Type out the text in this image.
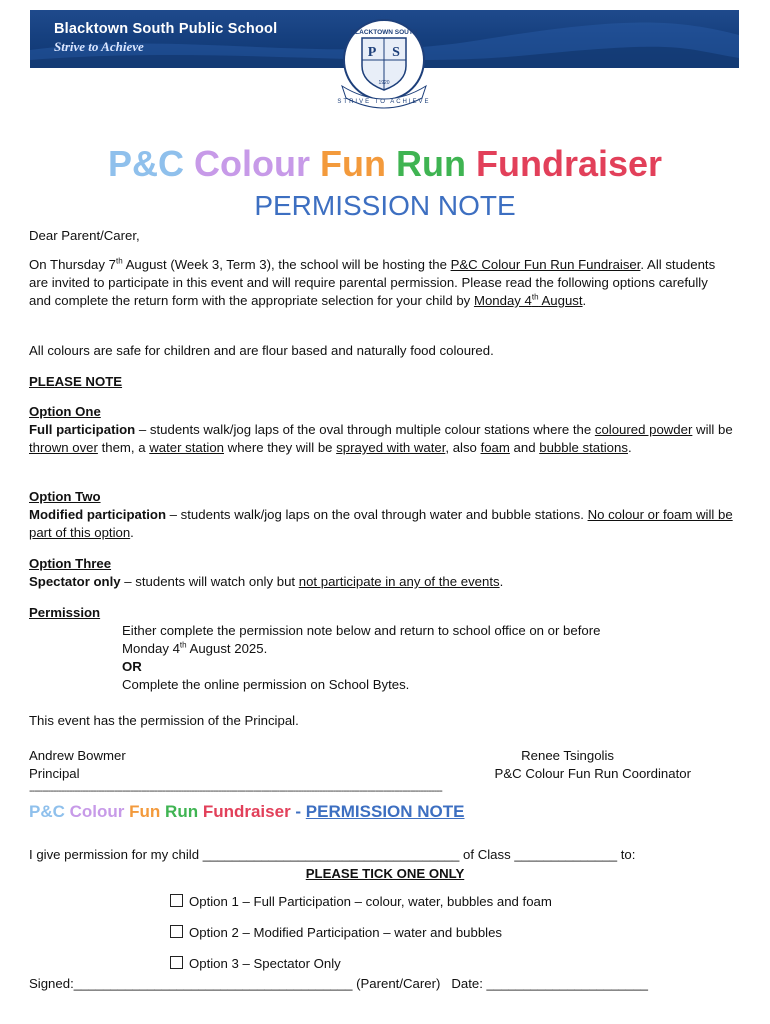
Blacktown South Public School
Strive to Achieve
BLACKTOWN SOUTH
P S
1920
STRIVE TO ACHIEVE
P&C Colour Fun Run Fundraiser
PERMISSION NOTE
Dear Parent/Carer,
On Thursday 7th August (Week 3, Term 3), the school will be hosting the P&C Colour Fun Run Fundraiser. All students are invited to participate in this event and will require parental permission. Please read the following options carefully and complete the return form with the appropriate selection for your child by Monday 4th August.
All colours are safe for children and are flour based and naturally food coloured.
PLEASE NOTE
Option One
Full participation – students walk/jog laps of the oval through multiple colour stations where the coloured powder will be thrown over them, a water station where they will be sprayed with water, also foam and bubble stations.
Option Two
Modified participation – students walk/jog laps on the oval through water and bubble stations. No colour or foam will be part of this option.
Option Three
Spectator only – students will watch only but not participate in any of the events.
Permission
Either complete the permission note below and return to school office on or before
Monday 4th August 2025.
OR
Complete the online permission on School Bytes.
This event has the permission of the Principal.
Andrew Bowmer
Principal
Renee Tsingolis
P&C Colour Fun Run Coordinator
-----------------------------------------------------------------------------------------------------------------------------------------------------------
P&C Colour Fun Run Fundraiser - PERMISSION NOTE
I give permission for my child ___________________________________ of Class ______________ to:
PLEASE TICK ONE ONLY
Option 1 – Full Participation – colour, water, bubbles and foam
Option 2 – Modified Participation – water and bubbles
Option 3 – Spectator Only
Signed:______________________________________ (Parent/Carer)   Date: ______________________
